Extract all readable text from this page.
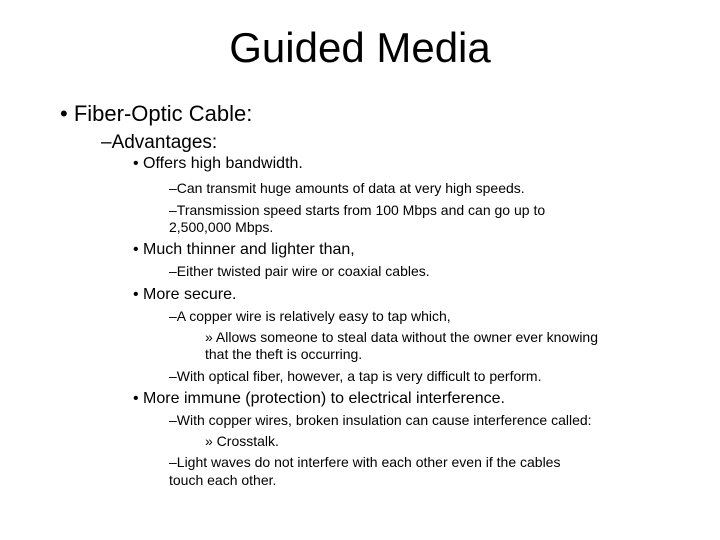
Guided Media
• Fiber-Optic Cable:
–Advantages:
• Offers high bandwidth.
–Can transmit huge amounts of data at very high speeds.
–Transmission speed starts from 100 Mbps and can go up to
2,500,000 Mbps.
• Much thinner and lighter than,
–Either twisted pair wire or coaxial cables.
• More secure.
–A copper wire is relatively easy to tap which,
» Allows someone to steal data without the owner ever knowing
that the theft is occurring.
–With optical fiber, however, a tap is very difficult to perform.
• More immune (protection) to electrical interference.
–With copper wires, broken insulation can cause interference called:
» Crosstalk.
–Light waves do not interfere with each other even if the cables
touch each other.
